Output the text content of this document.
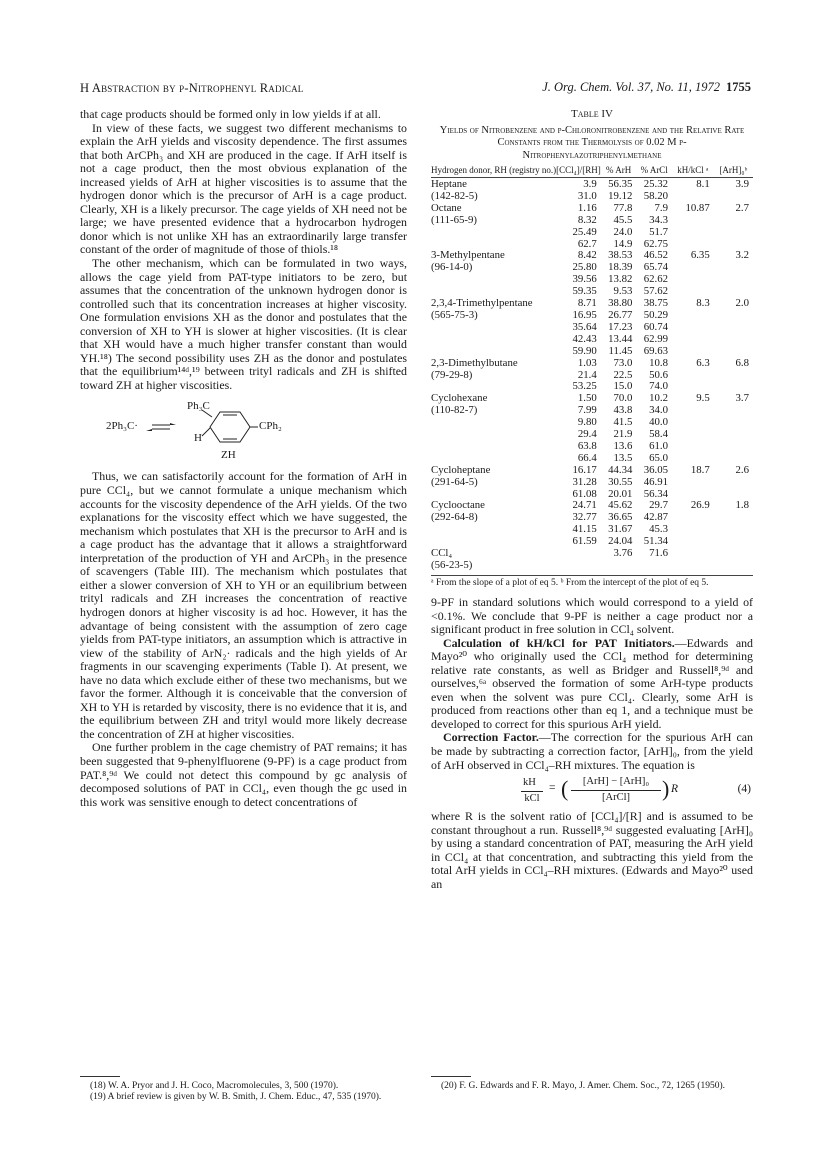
H Abstraction by p-Nitrophenyl Radical	J. Org. Chem. Vol. 37, No. 11, 1972 1755

that cage products should be formed only in low yields if at all.

In view of these facts, we suggest two different mechanisms to explain the ArH yields and viscosity dependence. The first assumes that both ArCPh₃ and XH are produced in the cage. If ArH itself is not a cage product, then the most obvious explanation of the increased yields of ArH at higher viscosities is to assume that the hydrogen donor which is the precursor of ArH is a cage product. Clearly, XH is a likely precursor. The cage yields of XH need not be large; we have presented evidence that a hydrocarbon hydrogen donor which is not unlike XH has an extraordinarily large transfer constant of the order of magnitude of those of thiols.¹⁸

The other mechanism, which can be formulated in two ways, allows the cage yield from PAT-type initiators to be zero, but assumes that the concentration of the unknown hydrogen donor is controlled such that its concentration increases at higher viscosity. One formulation envisions XH as the donor and postulates that the conversion of XH to YH is slower at higher viscosities. (It is clear that XH would have a much higher transfer constant than would YH.¹⁸) The second possibility uses ZH as the donor and postulates that the equilibrium¹⁴ᵈ,¹⁹ between trityl radicals and ZH is shifted toward ZH at higher viscosities.

2Ph₃C·
Ph₃C
CPh₂
H
ZH

Thus, we can satisfactorily account for the formation of ArH in pure CCl₄, but we cannot formulate a unique mechanism which accounts for the viscosity dependence of the ArH yields. Of the two explanations for the viscosity effect which we have suggested, the mechanism which postulates that XH is the precursor to ArH and is a cage product has the advantage that it allows a straightforward interpretation of the production of YH and ArCPh₃ in the presence of scavengers (Table III). The mechanism which postulates that either a slower conversion of XH to YH or an equilibrium between trityl radicals and ZH increases the concentration of reactive hydrogen donors at higher viscosity is ad hoc. However, it has the advantage of being consistent with the assumption of zero cage yields from PAT-type initiators, an assumption which is attractive in view of the stability of ArN₂· radicals and the high yields of Ar fragments in our scavenging experiments (Table I). At present, we have no data which exclude either of these two mechanisms, but we favor the former. Although it is conceivable that the conversion of XH to YH is retarded by viscosity, there is no evidence that it is, and the equilibrium between ZH and trityl would more likely decrease the concentration of ZH at higher viscosities.

One further problem in the cage chemistry of PAT remains; it has been suggested that 9-phenylfluorene (9-PF) is a cage product from PAT.⁸,⁹ᵈ We could not detect this compound by gc analysis of decomposed solutions of PAT in CCl₄, even though the gc used in this work was sensitive enough to detect concentrations of

(18) W. A. Pryor and J. H. Coco, Macromolecules, 3, 500 (1970).

(19) A brief review is given by W. B. Smith, J. Chem. Educ., 47, 535 (1970).

Table IV
Yields of Nitrobenzene and p-Chloronitrobenzene and the Relative Rate Constants from the Thermolysis of 0.02 M p-Nitrophenylazotriphenylmethane
Hydrogen donor, RH (registry no.)	[CCl₄]/[RH]	% ArH	% ArCl	kH/kCl ᵃ	[ArH]₀ᵇ
Heptane	3.9	56.35	25.32	8.1	3.9
(142-82-5)	31.0	19.12	58.20		
Octane	1.16	77.8	7.9	10.87	2.7
(111-65-9)	8.32	45.5	34.3		
	25.49	24.0	51.7		
	62.7	14.9	62.75		
3-Methylpentane	8.42	38.53	46.52	6.35	3.2
(96-14-0)	25.80	18.39	65.74		
	39.56	13.82	62.62		
	59.35	9.53	57.62		
2,3,4-Trimethylpentane	8.71	38.80	38.75	8.3	2.0
(565-75-3)	16.95	26.77	50.29		
	35.64	17.23	60.74		
	42.43	13.44	62.99		
	59.90	11.45	69.63		
2,3-Dimethylbutane	1.03	73.0	10.8	6.3	6.8
(79-29-8)	21.4	22.5	50.6		
	53.25	15.0	74.0		
Cyclohexane	1.50	70.0	10.2	9.5	3.7
(110-82-7)	7.99	43.8	34.0		
	9.80	41.5	40.0		
	29.4	21.9	58.4		
	63.8	13.6	61.0		
	66.4	13.5	65.0		
Cycloheptane	16.17	44.34	36.05	18.7	2.6
(291-64-5)	31.28	30.55	46.91		
	61.08	20.01	56.34		
Cyclooctane	24.71	45.62	29.7	26.9	1.8
(292-64-8)	32.77	36.65	42.87		
	41.15	31.67	45.3		
	61.59	24.04	51.34		
CCl₄		3.76	71.6		
(56-23-5)					
ᵃ From the slope of a plot of eq 5. ᵇ From the intercept of the plot of eq 5.

9-PF in standard solutions which would correspond to a yield of <0.1%. We conclude that 9-PF is neither a cage product nor a significant product in free solution in CCl₄ solvent.

Calculation of kH/kCl for PAT Initiators.—Edwards and Mayo²⁰ who originally used the CCl₄ method for determining relative rate constants, as well as Bridger and Russell⁸,⁹ᵈ and ourselves,⁶ᵃ observed the formation of some ArH-type products even when the solvent was pure CCl₄. Clearly, some ArH is produced from reactions other than eq 1, and a technique must be developed to correct for this spurious ArH yield.

Correction Factor.—The correction for the spurious ArH can be made by subtracting a correction factor, [ArH]₀, from the yield of ArH observed in CCl₄–RH mixtures. The equation is

kH
kCl
= (	[ArH] − [ArH]₀
[ArCl]	) R	(4)

where R is the solvent ratio of [CCl₄]/[R] and is assumed to be constant throughout a run. Russell⁸,⁹ᵈ suggested evaluating [ArH]₀ by using a standard concentration of PAT, measuring the ArH yield in CCl₄ at that concentration, and subtracting this yield from the total ArH yields in CCl₄–RH mixtures. (Edwards and Mayo²⁰ used an

(20) F. G. Edwards and F. R. Mayo, J. Amer. Chem. Soc., 72, 1265 (1950).
